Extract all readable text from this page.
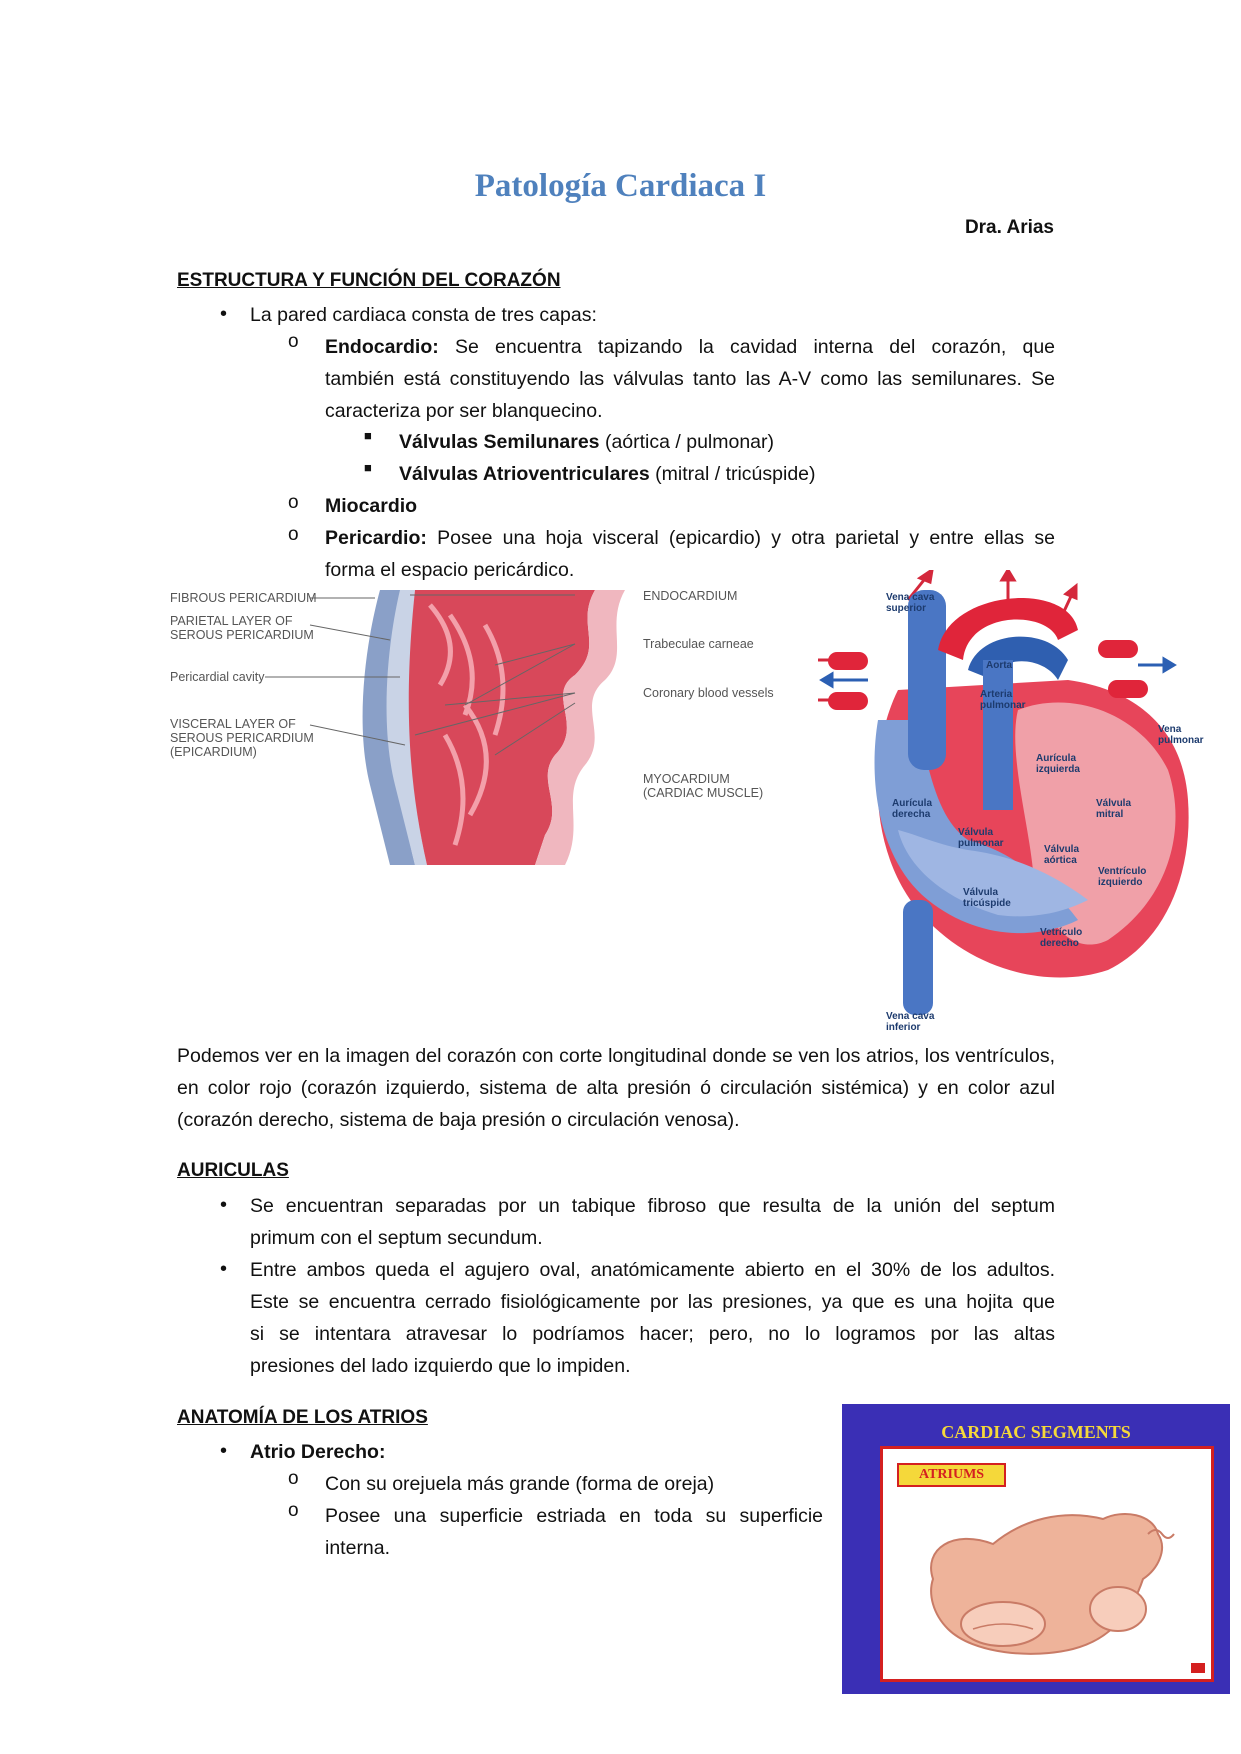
Patología Cardiaca I
Dra. Arias
ESTRUCTURA Y FUNCIÓN DEL CORAZÓN
• La pared cardiaca consta de tres capas:
o Endocardio: Se encuentra tapizando la cavidad interna del corazón, que
también está constituyendo las válvulas tanto las A-V como las semilunares. Se
caracteriza por ser blanquecino.
■ Válvulas Semilunares (aórtica / pulmonar)
■ Válvulas Atrioventriculares (mitral / tricúspide)
o Miocardio
o Pericardio: Posee una hoja visceral (epicardio) y otra parietal y entre ellas se
forma el espacio pericárdico.
FIBROUS PERICARDIUM
PARIETAL LAYER OF
SEROUS PERICARDIUM
Pericardial cavity
VISCERAL LAYER OF
SEROUS PERICARDIUM
(EPICARDIUM)
ENDOCARDIUM
Trabeculae carneae
Coronary blood vessels
MYOCARDIUM
(CARDIAC MUSCLE)
Vena cava
superior
Aorta
Arteria
pulmonar
Vena
pulmonar
Aurícula
izquierda
Aurícula
derecha
Válvula
mitral
Válvula
pulmonar
Válvula
aórtica
Ventrículo
izquierdo
Válvula
tricúspide
Vetrículo
derecho
Vena cava
inferior
Podemos ver en la imagen del corazón con corte longitudinal donde se ven los atrios, los ventrículos, en color rojo (corazón izquierdo, sistema de alta presión ó circulación sistémica) y en color azul (corazón derecho, sistema de baja presión o circulación venosa).
AURICULAS
• Se encuentran separadas por un tabique fibroso que resulta de la unión del septum
primum con el septum secundum.
• Entre ambos queda el agujero oval, anatómicamente abierto en el 30% de los adultos.
Este se encuentra cerrado fisiológicamente por las presiones, ya que es una hojita que
si se intentara atravesar lo podríamos hacer; pero, no lo logramos por las altas
presiones del lado izquierdo que lo impiden.
ANATOMÍA DE LOS ATRIOS
• Atrio Derecho:
o Con su orejuela más grande (forma de oreja)
o Posee una superficie estriada en toda su superficie
interna.
CARDIAC SEGMENTS
ATRIUMS
